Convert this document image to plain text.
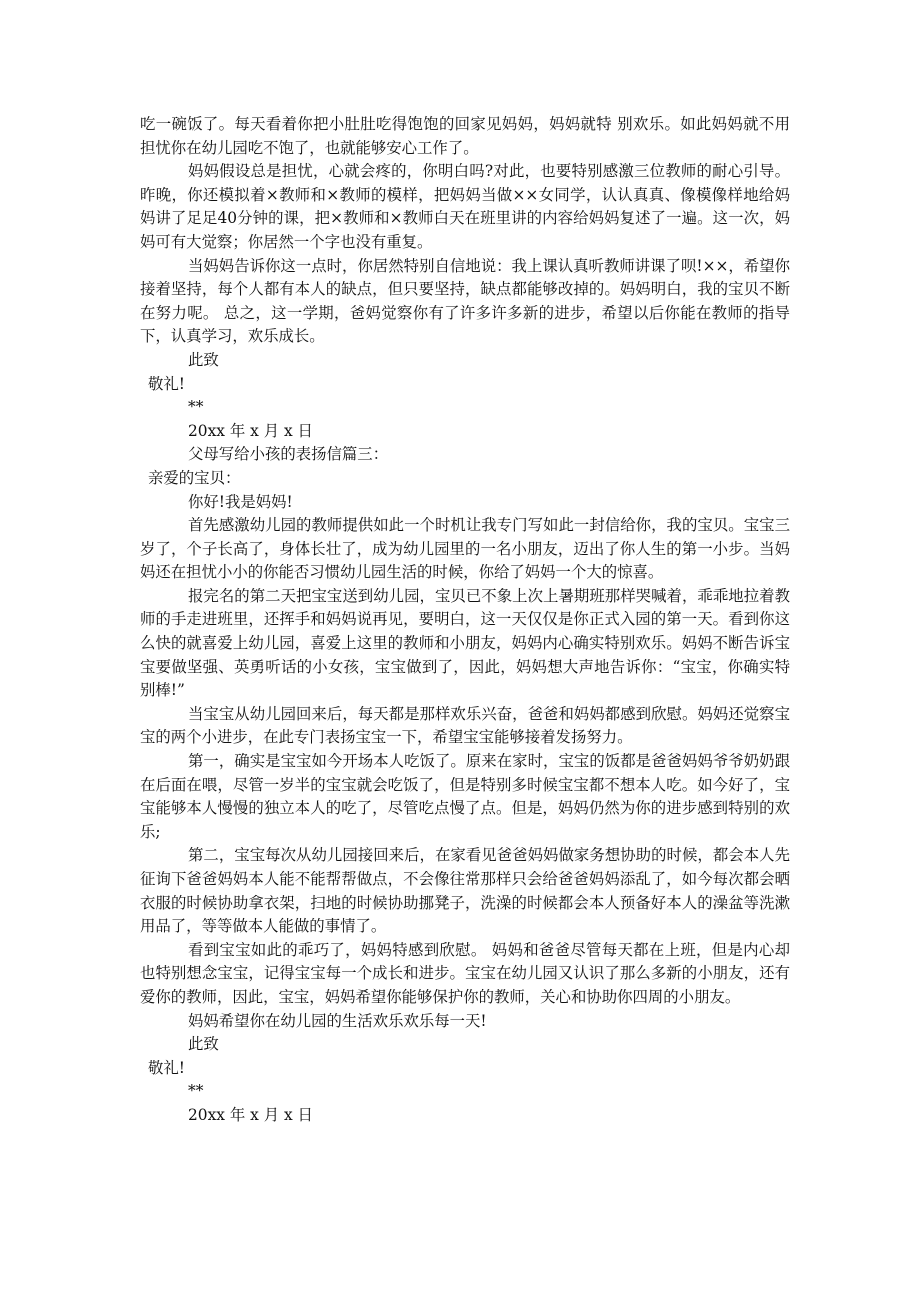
吃一碗饭了。每天看着你把小肚肚吃得饱饱的回家见妈妈，妈妈就特 别欢乐。如此妈妈就不用担忧你在幼儿园吃不饱了，也就能够安心工作了。

妈妈假设总是担忧，心就会疼的，你明白吗?对此，也要特别感激三位教师的耐心引导。 昨晚，你还模拟着×教师和×教师的模样，把妈妈当做××女同学，认认真真、像模像样地给妈妈讲了足足40分钟的课，把×教师和×教师白天在班里讲的内容给妈妈复述了一遍。这一次，妈妈可有大觉察；你居然一个字也没有重复。

当妈妈告诉你这一点时，你居然特别自信地说：我上课认真听教师讲课了呗!××，希望你接着坚持，每个人都有本人的缺点，但只要坚持，缺点都能够改掉的。妈妈明白，我的宝贝不断在努力呢。 总之，这一学期，爸妈觉察你有了许多许多新的进步，希望以后你能在教师的指导下，认真学习，欢乐成长。

此致

敬礼!

**

20xx 年 x 月 x 日

父母写给小孩的表扬信篇三：

亲爱的宝贝：

你好!我是妈妈!

首先感激幼儿园的教师提供如此一个时机让我专门写如此一封信给你，我的宝贝。宝宝三岁了，个子长高了，身体长壮了，成为幼儿园里的一名小朋友，迈出了你人生的第一小步。当妈妈还在担忧小小的你能否习惯幼儿园生活的时候，你给了妈妈一个大的惊喜。

报完名的第二天把宝宝送到幼儿园，宝贝已不象上次上暑期班那样哭喊着，乖乖地拉着教师的手走进班里，还挥手和妈妈说再见，要明白，这一天仅仅是你正式入园的第一天。看到你这么快的就喜爱上幼儿园，喜爱上这里的教师和小朋友，妈妈内心确实特别欢乐。妈妈不断告诉宝宝要做坚强、英勇听话的小女孩，宝宝做到了，因此，妈妈想大声地告诉你：“宝宝，你确实特别棒!”

当宝宝从幼儿园回来后，每天都是那样欢乐兴奋，爸爸和妈妈都感到欣慰。妈妈还觉察宝宝的两个小进步，在此专门表扬宝宝一下，希望宝宝能够接着发扬努力。

第一，确实是宝宝如今开场本人吃饭了。原来在家时，宝宝的饭都是爸爸妈妈爷爷奶奶跟在后面在喂，尽管一岁半的宝宝就会吃饭了，但是特别多时候宝宝都不想本人吃。如今好了，宝宝能够本人慢慢的独立本人的吃了，尽管吃点慢了点。但是，妈妈仍然为你的进步感到特别的欢乐;

第二，宝宝每次从幼儿园接回来后，在家看见爸爸妈妈做家务想协助的时候，都会本人先征询下爸爸妈妈本人能不能帮帮做点，不会像往常那样只会给爸爸妈妈添乱了，如今每次都会晒衣服的时候协助拿衣架，扫地的时候协助挪凳子，洗澡的时候都会本人预备好本人的澡盆等洗漱用品了，等等做本人能做的事情了。

看到宝宝如此的乖巧了，妈妈特感到欣慰。 妈妈和爸爸尽管每天都在上班，但是内心却也特别想念宝宝，记得宝宝每一个成长和进步。宝宝在幼儿园又认识了那么多新的小朋友，还有爱你的教师，因此，宝宝，妈妈希望你能够保护你的教师，关心和协助你四周的小朋友。

妈妈希望你在幼儿园的生活欢乐欢乐每一天!

此致

敬礼!

**

20xx 年 x 月 x 日
